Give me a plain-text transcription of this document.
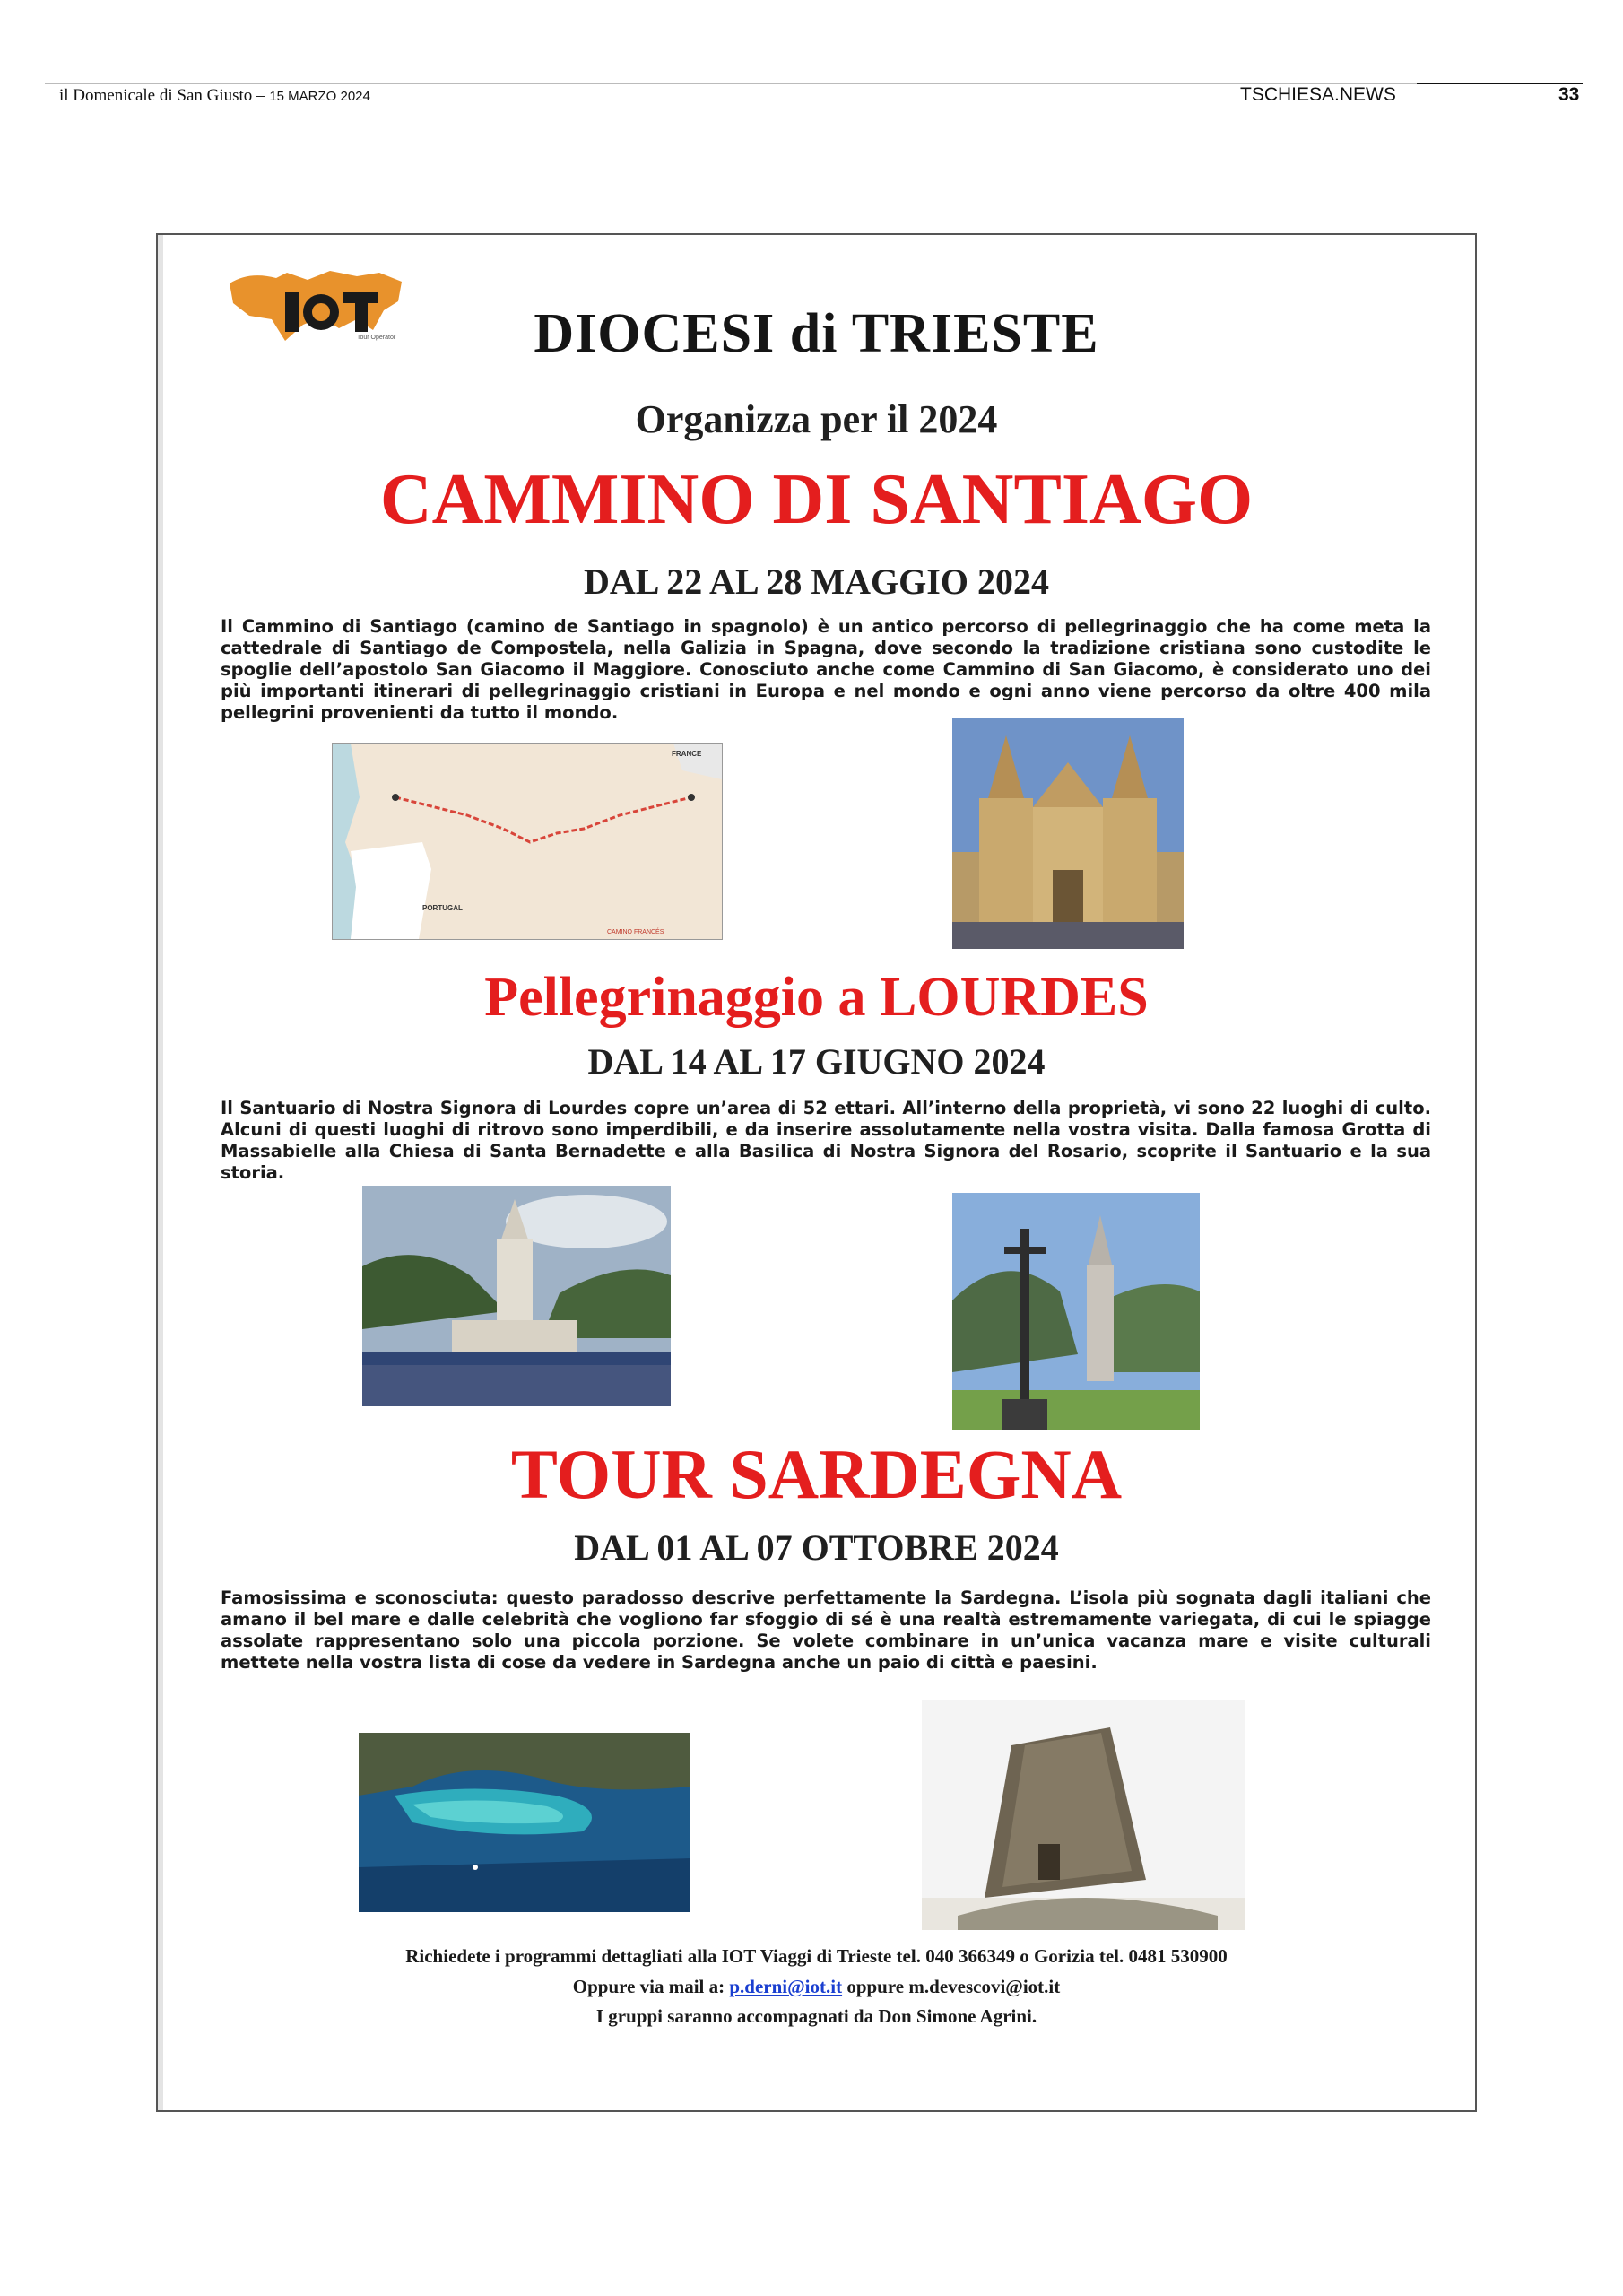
il Domenicale di San Giusto – 15 MARZO 2024	TSCHIESA.NEWS	33
Tour Operator	DIOCESI di TRIESTE
Organizza per il 2024
CAMMINO DI SANTIAGO
DAL 22 AL 28 MAGGIO 2024
Il Cammino di Santiago (camino de Santiago in spagnolo) è un antico percorso di pellegrinaggio che ha come meta la cattedrale di Santiago de Compostela, nella Galizia in Spagna, dove secondo la tradizione cristiana sono custodite le spoglie dell’apostolo San Giacomo il Maggiore. Conosciuto anche come Cammino di San Giacomo, è considerato uno dei più importanti itinerari di pellegrinaggio cristiani in Europa e nel mondo e ogni anno viene percorso da oltre 400 mila pellegrini provenienti da tutto il mondo.
FRANCE
PORTUGAL
CAMINO FRANCÉS
Pellegrinaggio a LOURDES
DAL 14 AL 17 GIUGNO 2024
Il Santuario di Nostra Signora di Lourdes copre un’area di 52 ettari. All’interno della proprietà, vi sono 22 luoghi di culto. Alcuni di questi luoghi di ritrovo sono imperdibili, e da inserire assolutamente nella vostra visita. Dalla famosa Grotta di Massabielle alla Chiesa di Santa Bernadette e alla Basilica di Nostra Signora del Rosario, scoprite il Santuario e la sua storia.
TOUR SARDEGNA
DAL 01 AL 07 OTTOBRE 2024
Famosissima e sconosciuta: questo paradosso descrive perfettamente la Sardegna. L’isola più sognata dagli italiani che amano il bel mare e dalle celebrità che vogliono far sfoggio di sé è una realtà estremamente variegata, di cui le spiagge assolate rappresentano solo una piccola porzione. Se volete combinare in un’unica vacanza mare e visite culturali mettete nella vostra lista di cose da vedere in Sardegna anche un paio di città e paesini.
Richiedete i programmi dettagliati alla IOT Viaggi di Trieste tel. 040 366349 o Gorizia tel. 0481 530900
Oppure via mail a: p.derni@iot.it oppure m.devescovi@iot.it
I gruppi saranno accompagnati da Don Simone Agrini.
